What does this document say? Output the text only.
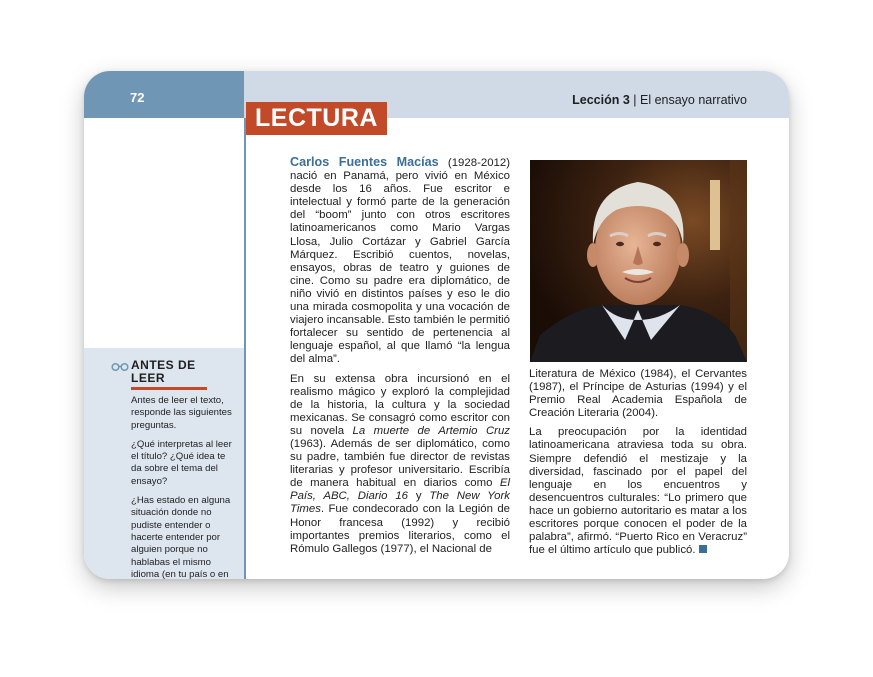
72	Lección 3 | El ensayo narrativo
LECTURA
ANTES DE LEER

Antes de leer el texto, responde las siguientes preguntas.

¿Qué interpretas al leer el título? ¿Qué idea te da sobre el tema del ensayo?

¿Has estado en alguna situación donde no pudiste entender o hacerte entender por alguien porque no hablabas el mismo idioma (en tu país o en

Carlos Fuentes Macías (1928-2012) nació en Panamá, pero vivió en México desde los 16 años. Fue escritor e intelectual y formó parte de la generación del “boom” junto con otros escritores latinoamericanos como Mario Vargas Llosa, Julio Cortázar y Gabriel García Márquez. Escribió cuentos, novelas, ensayos, obras de teatro y guiones de cine. Como su padre era diplomático, de niño vivió en distintos países y eso le dio una mirada cosmopolita y una vocación de viajero incansable. Esto también le permitió fortalecer su sentido de pertenencia al lenguaje español, al que llamó “la lengua del alma”.

En su extensa obra incursionó en el realismo mágico y exploró la complejidad de la historia, la cultura y la sociedad mexicanas. Se consagró como escritor con su novela La muerte de Artemio Cruz (1963). Además de ser diplomático, como su padre, también fue director de revistas literarias y profesor universitario. Escribía de manera habitual en diarios como El País, ABC, Diario 16 y The New York Times. Fue condecorado con la Legión de Honor francesa (1992) y recibió importantes premios literarios, como el Rómulo Gallegos (1977), el Nacional de

Literatura de México (1984), el Cervantes (1987), el Príncipe de Asturias (1994) y el Premio Real Academia Española de Creación Literaria (2004).

La preocupación por la identidad latinoamericana atraviesa toda su obra. Siempre defendió el mestizaje y la diversidad, fascinado por el papel del lenguaje en los encuentros y desencuentros culturales: “Lo primero que hace un gobierno autoritario es matar a los escritores porque conocen el poder de la palabra”, afirmó. “Puerto Rico en Veracruz” fue el último artículo que publicó.
